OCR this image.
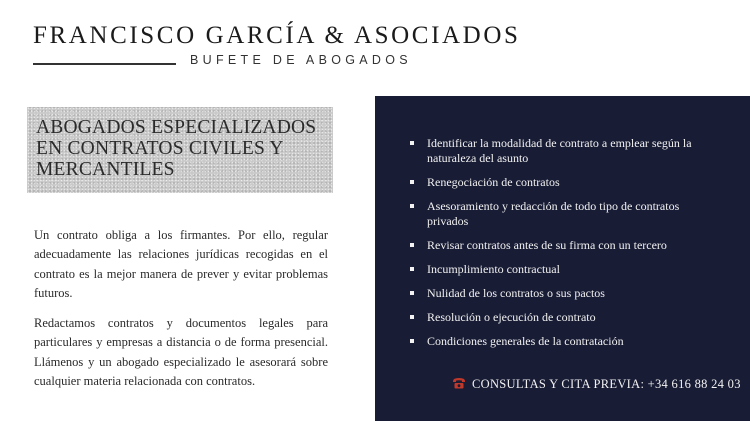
FRANCISCO GARCÍA & ASOCIADOS
BUFETE DE ABOGADOS
ABOGADOS ESPECIALIZADOS EN CONTRATOS CIVILES Y MERCANTILES

Un contrato obliga a los firmantes. Por ello, regular adecuadamente las relaciones jurídicas recogidas en el contrato es la mejor manera de prever y evitar problemas futuros.

Redactamos contratos y documentos legales para particulares y empresas a distancia o de forma presencial. Llámenos y un abogado especializado le asesorará sobre cualquier materia relacionada con contratos.

Identificar la modalidad de contrato a emplear según la naturaleza del asunto
Renegociación de contratos
Asesoramiento y redacción de todo tipo de contratos privados
Revisar contratos antes de su firma con un tercero
Incumplimiento contractual
Nulidad de los contratos o sus pactos
Resolución o ejecución de contrato
Condiciones generales de la contratación
CONSULTAS Y CITA PREVIA: +34 616 88 24 03
